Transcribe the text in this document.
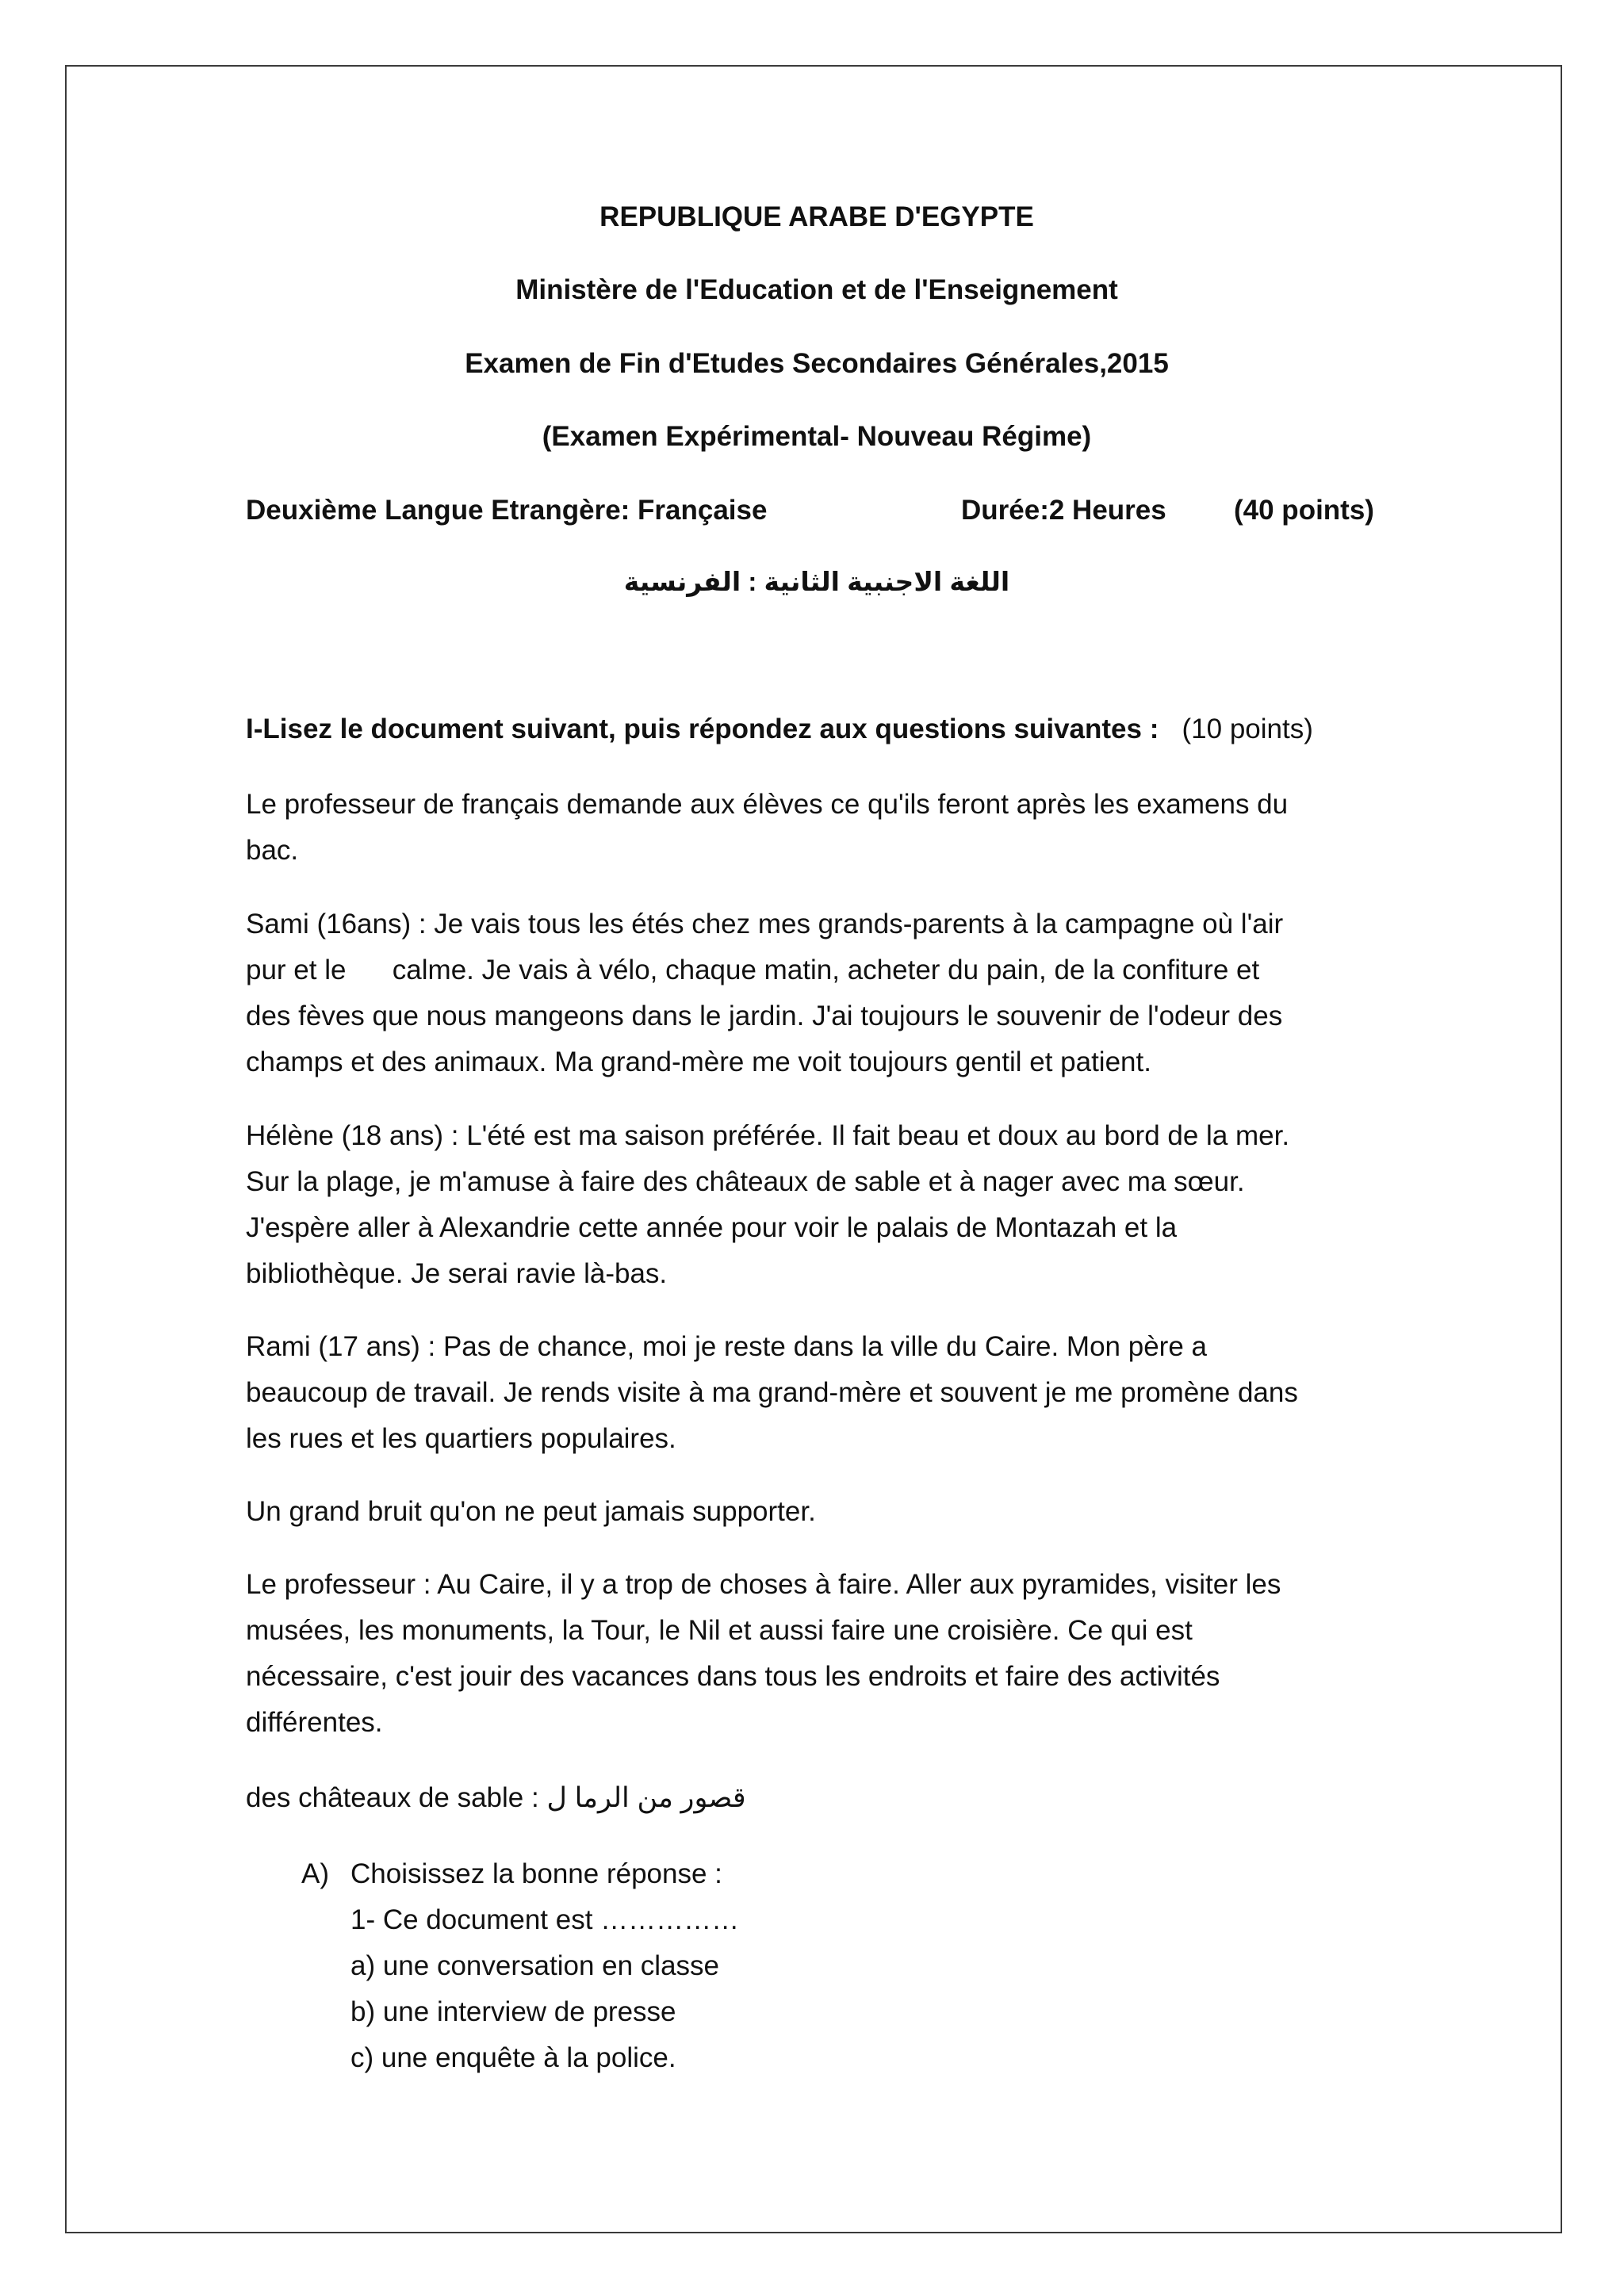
REPUBLIQUE ARABE D'EGYPTE
Ministère de l'Education et de l'Enseignement
Examen de Fin d'Etudes Secondaires Générales,2015
(Examen Expérimental- Nouveau Régime)
Deuxième Langue Etrangère: Française	Durée:2 Heures (40 points)
اللغة الاجنبية الثانية : الفرنسية
I-Lisez le document suivant, puis répondez aux questions suivantes : (10 points)
Le professeur de français demande aux élèves ce qu'ils feront après les examens du
bac.
Sami (16ans) : Je vais tous les étés chez mes grands-parents à la campagne où l'air
pur et le      calme. Je vais à vélo, chaque matin, acheter du pain, de la confiture et
des fèves que nous mangeons dans le jardin. J'ai toujours le souvenir de l'odeur des
champs et des animaux. Ma grand-mère me voit toujours gentil et patient.
Hélène (18 ans) : L'été est ma saison préférée. Il fait beau et doux au bord de la mer.
Sur la plage, je m'amuse à faire des châteaux de sable et à nager avec ma sœur.
J'espère aller à Alexandrie cette année pour voir le palais de Montazah et la
bibliothèque. Je serai ravie là-bas.
Rami (17 ans) : Pas de chance, moi je reste dans la ville du Caire. Mon père a
beaucoup de travail. Je rends visite à ma grand-mère et souvent je me promène dans
les rues et les quartiers populaires.
Un grand bruit qu'on ne peut jamais supporter.
Le professeur : Au Caire, il y a trop de choses à faire. Aller aux pyramides, visiter les
musées, les monuments, la Tour, le Nil et aussi faire une croisière. Ce qui est
nécessaire, c'est jouir des vacances dans tous les endroits et faire des activités
différentes.
des châteaux de sable : قصور من الرما ل
A) Choisissez la bonne réponse :
1- Ce document est ……………
a) une conversation en classe
b) une interview de presse
c) une enquête à la police.
